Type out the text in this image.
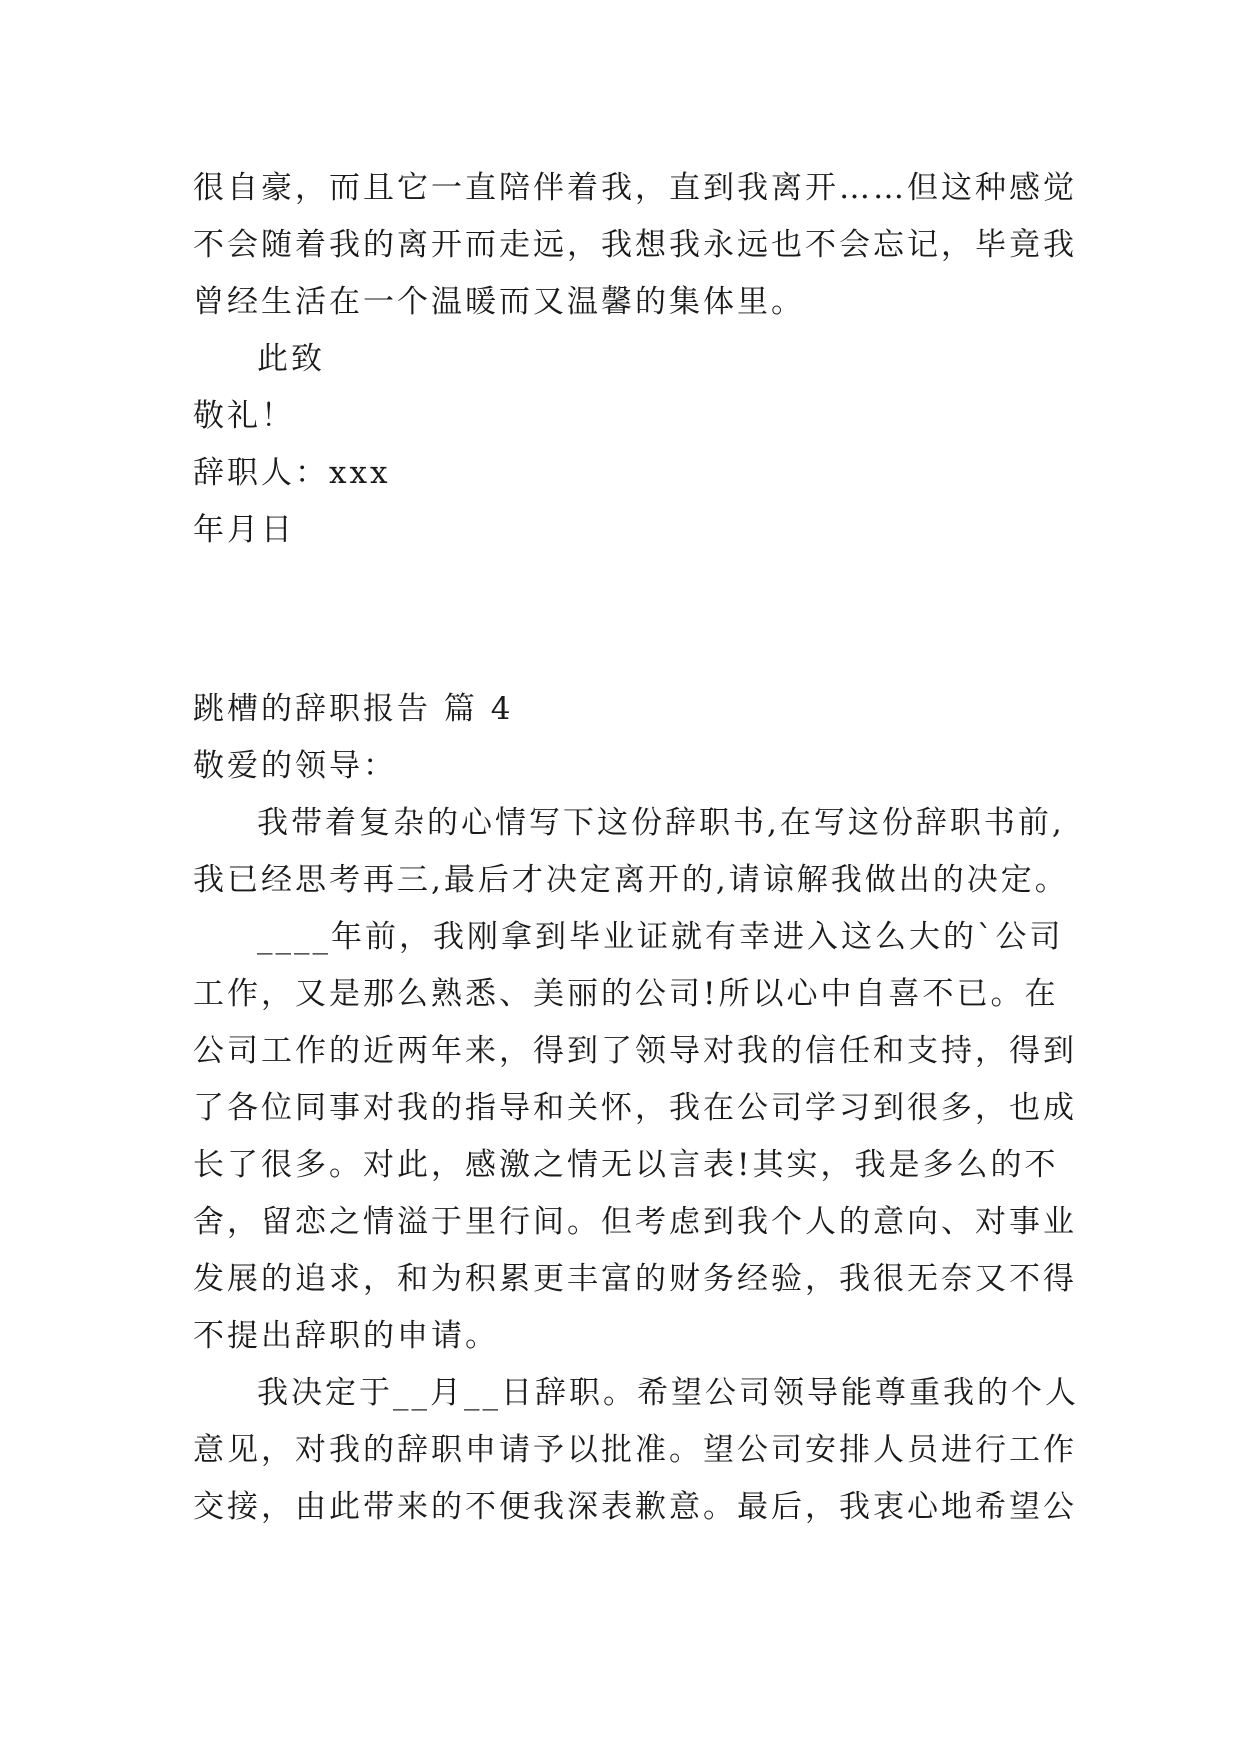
很自豪，而且它一直陪伴着我，直到我离开……但这种感觉
不会随着我的离开而走远，我想我永远也不会忘记，毕竟我
曾经生活在一个温暖而又温馨的集体里。
此致
敬礼！
辞职人：xxx
年月日
跳槽的辞职报告 篇 4
敬爱的领导：
我带着复杂的心情写下这份辞职书,在写这份辞职书前,
我已经思考再三,最后才决定离开的,请谅解我做出的决定。
____年前，我刚拿到毕业证就有幸进入这么大的`公司
工作，又是那么熟悉、美丽的公司!所以心中自喜不已。在
公司工作的近两年来，得到了领导对我的信任和支持，得到
了各位同事对我的指导和关怀，我在公司学习到很多，也成
长了很多。对此，感激之情无以言表!其实，我是多么的不
舍，留恋之情溢于里行间。但考虑到我个人的意向、对事业
发展的追求，和为积累更丰富的财务经验，我很无奈又不得
不提出辞职的申请。
我决定于__月__日辞职。希望公司领导能尊重我的个人
意见，对我的辞职申请予以批准。望公司安排人员进行工作
交接，由此带来的不便我深表歉意。最后，我衷心地希望公
